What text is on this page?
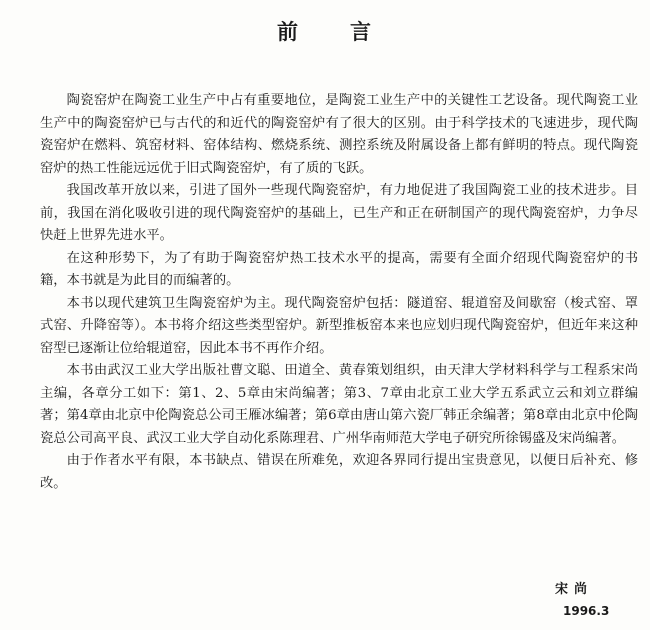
前 言

陶瓷窑炉在陶瓷工业生产中占有重要地位，是陶瓷工业生产中的关键性工艺设备。现代陶瓷工业生产中的陶瓷窑炉已与古代的和近代的陶瓷窑炉有了很大的区别。由于科学技术的飞速进步，现代陶瓷窑炉在燃料、筑窑材料、窑体结构、燃烧系统、测控系统及附属设备上都有鲜明的特点。现代陶瓷窑炉的热工性能远远优于旧式陶瓷窑炉，有了质的飞跃。

我国改革开放以来，引进了国外一些现代陶瓷窑炉，有力地促进了我国陶瓷工业的技术进步。目前，我国在消化吸收引进的现代陶瓷窑炉的基础上，已生产和正在研制国产的现代陶瓷窑炉，力争尽快赶上世界先进水平。

在这种形势下，为了有助于陶瓷窑炉热工技术水平的提高，需要有全面介绍现代陶瓷窑炉的书籍，本书就是为此目的而编著的。

本书以现代建筑卫生陶瓷窑炉为主。现代陶瓷窑炉包括：隧道窑、辊道窑及间歇窑（梭式窑、罩式窑、升降窑等）。本书将介绍这些类型窑炉。新型推板窑本来也应划归现代陶瓷窑炉，但近年来这种窑型已逐渐让位给辊道窑，因此本书不再作介绍。

本书由武汉工业大学出版社曹文聪、田道全、黄春策划组织，由天津大学材料科学与工程系宋尚主编，各章分工如下：第1、2、5章由宋尚编著；第3、7章由北京工业大学五系武立云和刘立群编著；第4章由北京中伦陶瓷总公司王雁冰编著；第6章由唐山第六瓷厂韩正余编著；第8章由北京中伦陶瓷总公司高平良、武汉工业大学自动化系陈理君、广州华南师范大学电子研究所徐锡盛及宋尚编著。

由于作者水平有限，本书缺点、错误在所难免，欢迎各界同行提出宝贵意见，以便日后补充、修改。

宋尚
1996.3
